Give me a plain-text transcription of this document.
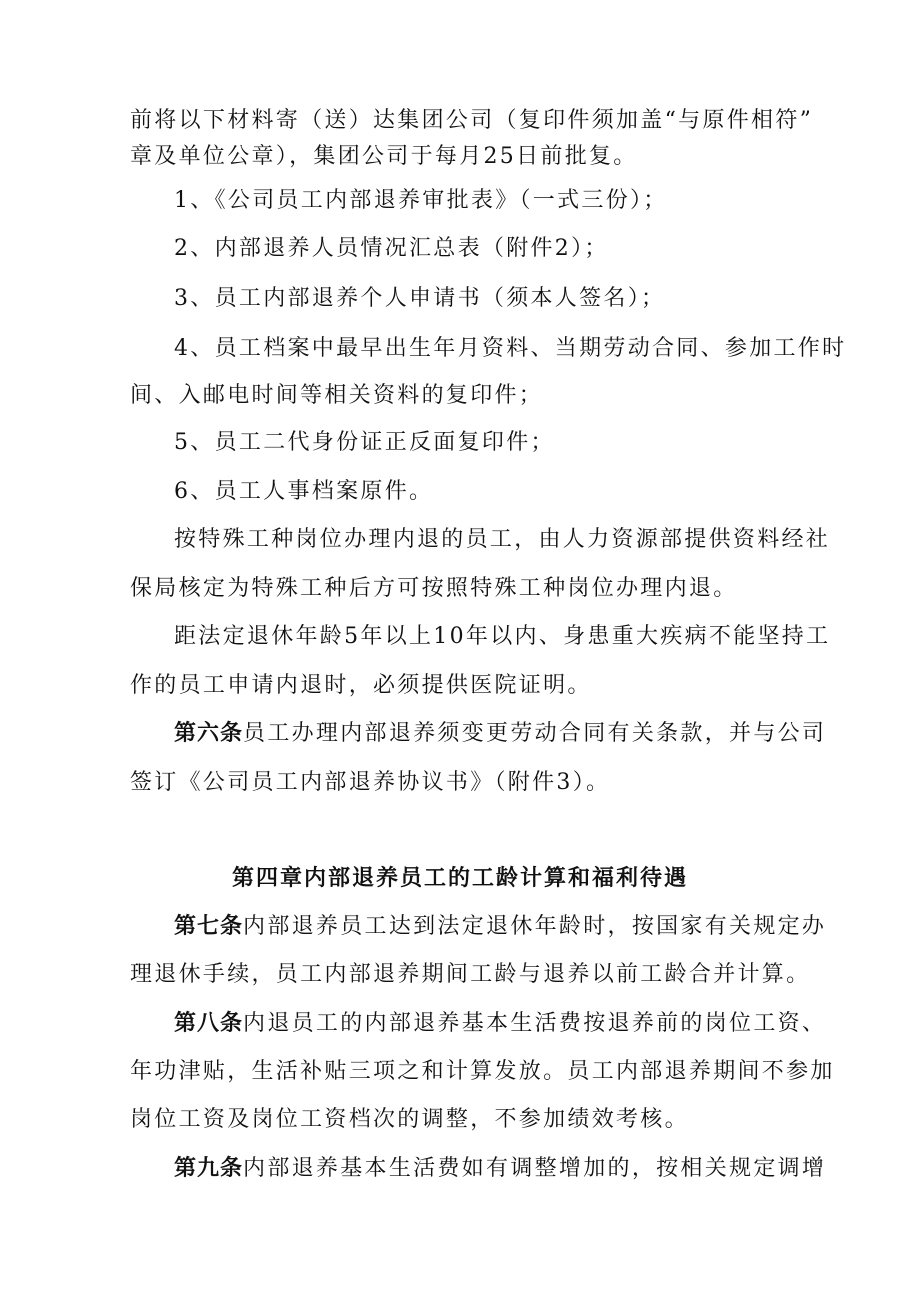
前将以下材料寄（送）达集团公司（复印件须加盖“与原件相符”
章及单位公章），集团公司于每月25日前批复。
1、《公司员工内部退养审批表》（一式三份）；
2、内部退养人员情况汇总表（附件2）；
3、员工内部退养个人申请书（须本人签名）；
4、员工档案中最早出生年月资料、当期劳动合同、参加工作时
间、入邮电时间等相关资料的复印件；
5、员工二代身份证正反面复印件；
6、员工人事档案原件。
按特殊工种岗位办理内退的员工，由人力资源部提供资料经社
保局核定为特殊工种后方可按照特殊工种岗位办理内退。
距法定退休年龄5年以上10年以内、身患重大疾病不能坚持工
作的员工申请内退时，必须提供医院证明。
第六条员工办理内部退养须变更劳动合同有关条款，并与公司
签订《公司员工内部退养协议书》（附件3）。
第四章内部退养员工的工龄计算和福利待遇
第七条内部退养员工达到法定退休年龄时，按国家有关规定办
理退休手续，员工内部退养期间工龄与退养以前工龄合并计算。
第八条内退员工的内部退养基本生活费按退养前的岗位工资、
年功津贴，生活补贴三项之和计算发放。员工内部退养期间不参加
岗位工资及岗位工资档次的调整，不参加绩效考核。
第九条内部退养基本生活费如有调整增加的，按相关规定调增
